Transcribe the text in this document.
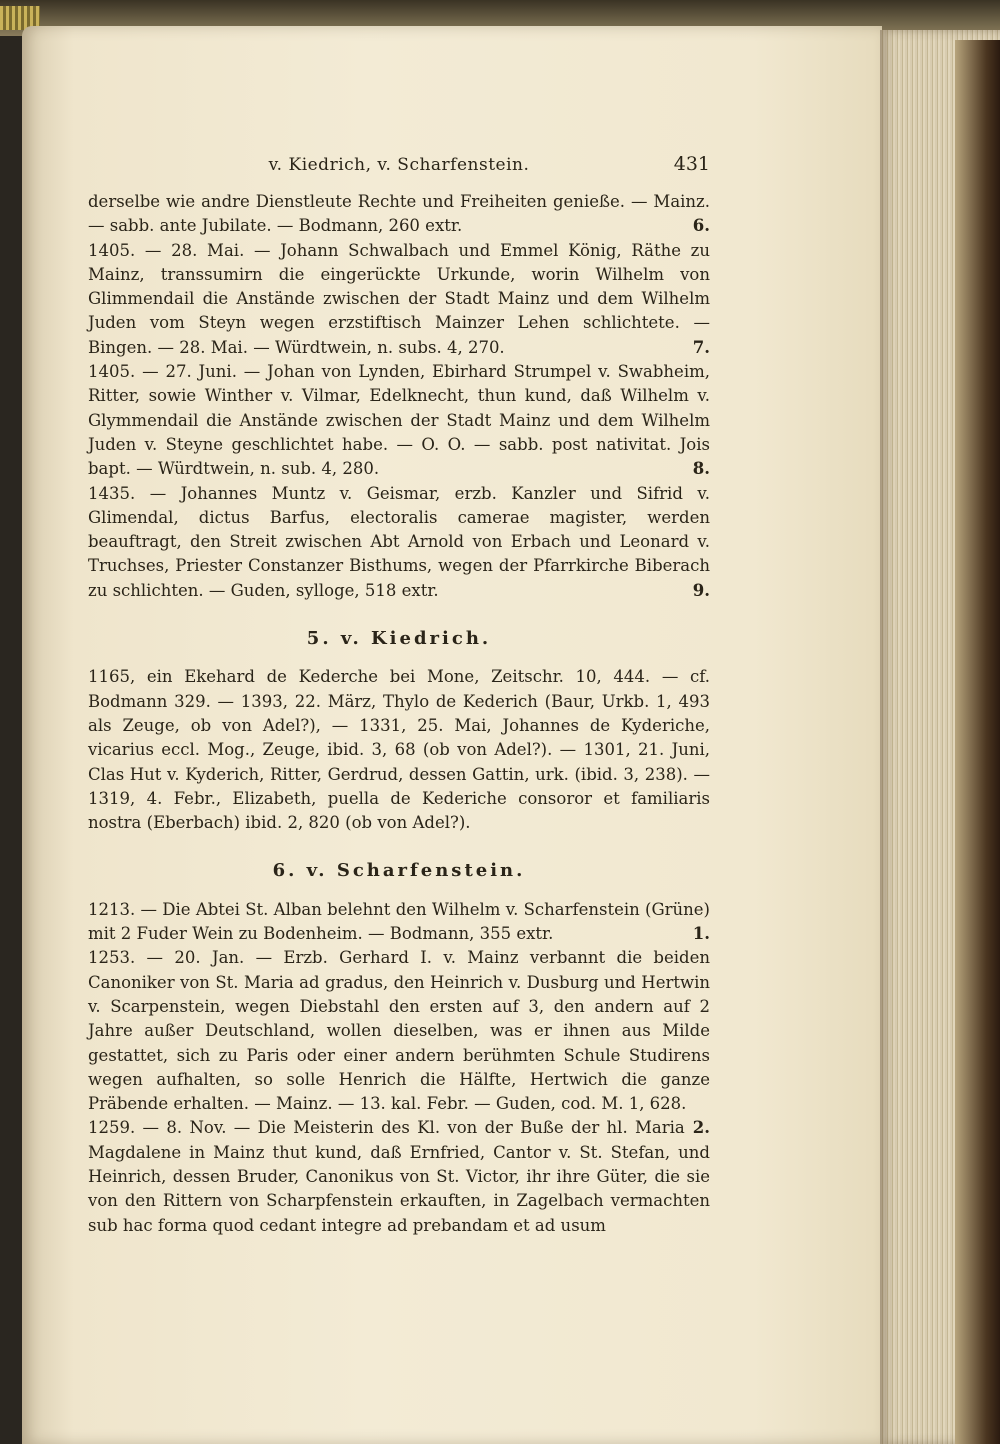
v. Kiedrich, v. Scharfenstein.	431

derselbe wie andre Dienstleute Rechte und Freiheiten genieße. — Mainz. — sabb. ante Jubilate. — Bodmann, 260 extr.	6.

1405. — 28. Mai. — Johann Schwalbach und Emmel König, Räthe zu Mainz, transsumirn die eingerückte Urkunde, worin Wilhelm von Glimmendail die Anstände zwischen der Stadt Mainz und dem Wilhelm Juden vom Steyn wegen erzstiftisch Mainzer Lehen schlichtete. — Bingen. — 28. Mai. — Würdtwein, n. subs. 4, 270.	7.

1405. — 27. Juni. — Johan von Lynden, Ebirhard Strumpel v. Swabheim, Ritter, sowie Winther v. Vilmar, Edelknecht, thun kund, daß Wilhelm v. Glymmendail die Anstände zwischen der Stadt Mainz und dem Wilhelm Juden v. Steyne geschlichtet habe. — O. O. — sabb. post nativitat. Jois bapt. — Würdtwein, n. sub. 4, 280.	8.

1435. — Johannes Muntz v. Geismar, erzb. Kanzler und Sifrid v. Glimendal, dictus Barfus, electoralis camerae magister, werden beauftragt, den Streit zwischen Abt Arnold von Erbach und Leonard v. Truchses, Priester Constanzer Bisthums, wegen der Pfarrkirche Biberach zu schlichten. — Guden, sylloge, 518 extr.	9.

5. v. Kiedrich.

1165, ein Ekehard de Kederche bei Mone, Zeitschr. 10, 444. — cf. Bodmann 329. — 1393, 22. März, Thylo de Kederich (Baur, Urkb. 1, 493 als Zeuge, ob von Adel?), — 1331, 25. Mai, Johannes de Kyderiche, vicarius eccl. Mog., Zeuge, ibid. 3, 68 (ob von Adel?). — 1301, 21. Juni, Clas Hut v. Kyderich, Ritter, Gerdrud, dessen Gattin, urk. (ibid. 3, 238). — 1319, 4. Febr., Elizabeth, puella de Kederiche consoror et familiaris nostra (Eberbach) ibid. 2, 820 (ob von Adel?).

6. v. Scharfenstein.

1213. — Die Abtei St. Alban belehnt den Wilhelm v. Scharfenstein (Grüne) mit 2 Fuder Wein zu Bodenheim. — Bodmann, 355 extr.	1.

1253. — 20. Jan. — Erzb. Gerhard I. v. Mainz verbannt die beiden Canoniker von St. Maria ad gradus, den Heinrich v. Dusburg und Hertwin v. Scarpenstein, wegen Diebstahl den ersten auf 3, den andern auf 2 Jahre außer Deutschland, wollen dieselben, was er ihnen aus Milde gestattet, sich zu Paris oder einer andern berühmten Schule Studirens wegen aufhalten, so solle Henrich die Hälfte, Hertwich die ganze Präbende erhalten. — Mainz. — 13. kal. Febr. — Guden, cod. M. 1, 628.
2.

1259. — 8. Nov. — Die Meisterin des Kl. von der Buße der hl. Maria Magdalene in Mainz thut kund, daß Ernfried, Cantor v. St. Stefan, und Heinrich, dessen Bruder, Canonikus von St. Victor, ihr ihre Güter, die sie von den Rittern von Scharpfenstein erkauften, in Zagelbach vermachten sub hac forma quod cedant integre ad prebandam et ad usum
